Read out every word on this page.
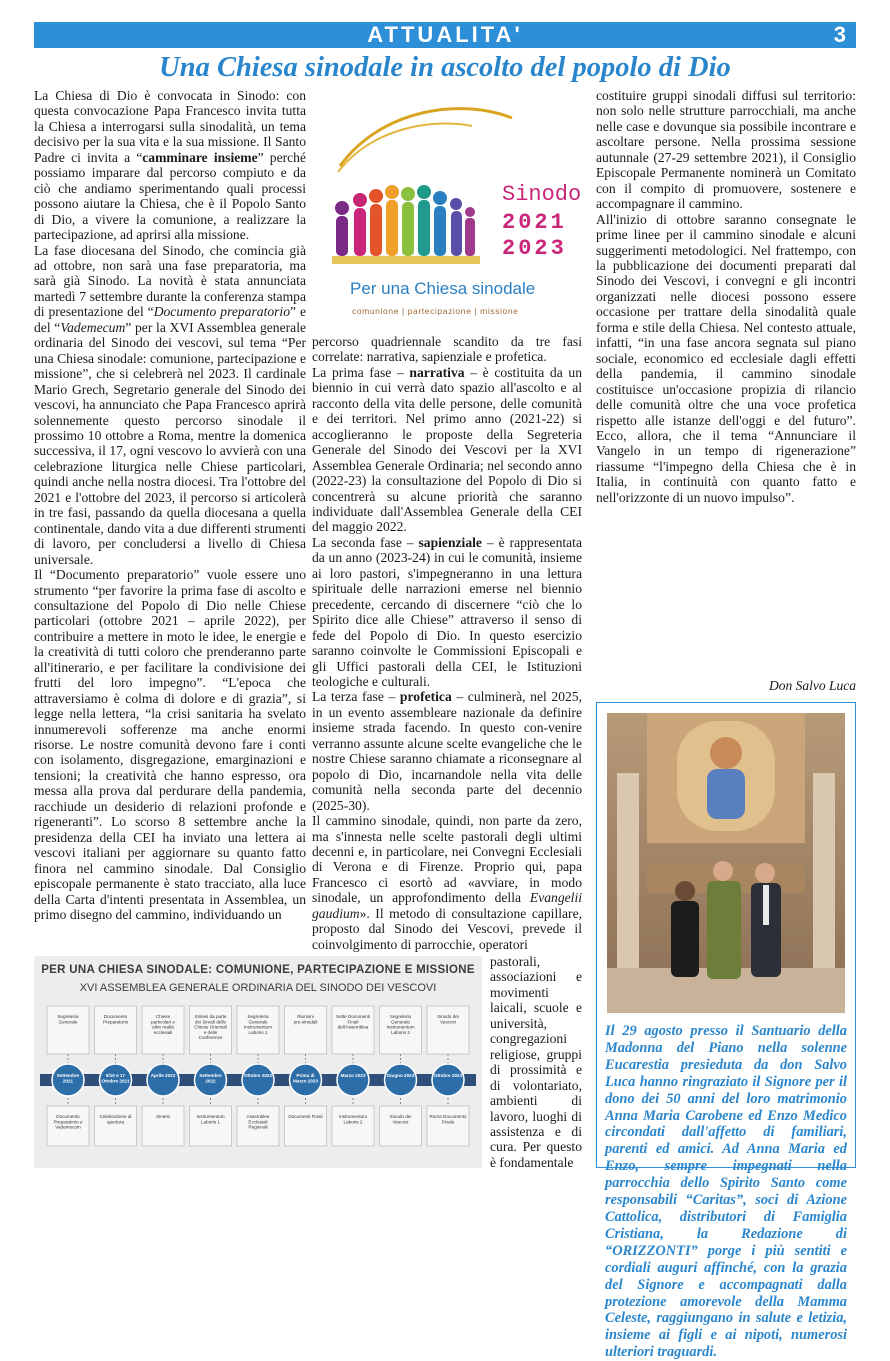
ATTUALITA'	3
Una Chiesa sinodale in ascolto del popolo di Dio

La Chiesa di Dio è convocata in Sinodo: con questa convocazione Papa Francesco invita tutta la Chiesa a interrogarsi sulla sinodalità, un tema decisivo per la sua vita e la sua missione. Il Santo Padre ci invita a “camminare insieme” perché possiamo imparare dal percorso compiuto e da ciò che andiamo sperimentando quali processi possono aiutare la Chiesa, che è il Popolo Santo di Dio, a vivere la comunione, a realizzare la partecipazione, ad aprirsi alla missione.

La fase diocesana del Sinodo, che comincia già ad ottobre, non sarà una fase preparatoria, ma sarà già Sinodo. La novità è stata annunciata martedì 7 settembre durante la conferenza stampa di presentazione del “Documento preparatorio” e del “Vademecum” per la XVI Assemblea generale ordinaria del Sinodo dei vescovi, sul tema “Per una Chiesa sinodale: comunione, partecipazione e missione”, che si celebrerà nel 2023. Il cardinale Mario Grech, Segretario generale del Sinodo dei vescovi, ha annunciato che Papa Francesco aprirà solennemente questo percorso sinodale il prossimo 10 ottobre a Roma, mentre la domenica successiva, il 17, ogni vescovo lo avvierà con una celebrazione liturgica nelle Chiese particolari, quindi anche nella nostra diocesi. Tra l'ottobre del 2021 e l'ottobre del 2023, il percorso si articolerà in tre fasi, passando da quella diocesana a quella continentale, dando vita a due differenti strumenti di lavoro, per concludersi a livello di Chiesa universale.

Il “Documento preparatorio” vuole essere uno strumento “per favorire la prima fase di ascolto e consultazione del Popolo di Dio nelle Chiese particolari (ottobre 2021 – aprile 2022), per contribuire a mettere in moto le idee, le energie e la creatività di tutti coloro che prenderanno parte all'itinerario, e per facilitare la condivisione dei frutti del loro impegno”. “L'epoca che attraversiamo è colma di dolore e di grazia”, si legge nella lettera, “la crisi sanitaria ha svelato innumerevoli sofferenze ma anche enormi risorse. Le nostre comunità devono fare i conti con isolamento, disgregazione, emarginazioni e tensioni; la creatività che hanno espresso, ora messa alla prova dal perdurare della pandemia, racchiude un desiderio di relazioni profonde e rigeneranti”. Lo scorso 8 settembre anche la presidenza della CEI ha inviato una lettera ai vescovi italiani per aggiornare su quanto fatto finora nel cammino sinodale. Dal Consiglio episcopale permanente è stato tracciato, alla luce della Carta d'intenti presentata in Assemblea, un primo disegno del cammino, individuando un

Sinodo
2021
2023
Per una Chiesa sinodale
comunione | partecipazione | missione

percorso quadriennale scandito da tre fasi correlate: narrativa, sapienziale e profetica.

La prima fase – narrativa – è costituita da un biennio in cui verrà dato spazio all'ascolto e al racconto della vita delle persone, delle comunità e dei territori. Nel primo anno (2021-22) si accoglieranno le proposte della Segreteria Generale del Sinodo dei Vescovi per la XVI Assemblea Generale Ordinaria; nel secondo anno (2022-23) la consultazione del Popolo di Dio si concentrerà su alcune priorità che saranno individuate dall'Assemblea Generale della CEI del maggio 2022.

La seconda fase – sapienziale – è rappresentata da un anno (2023-24) in cui le comunità, insieme ai loro pastori, s'impegneranno in una lettura spirituale delle narrazioni emerse nel biennio precedente, cercando di discernere “ciò che lo Spirito dice alle Chiese” attraverso il senso di fede del Popolo di Dio. In questo esercizio saranno coinvolte le Commissioni Episcopali e gli Uffici pastorali della CEI, le Istituzioni teologiche e culturali.

La terza fase – profetica – culminerà, nel 2025, in un evento assembleare nazionale da definire insieme strada facendo. In questo con-venire verranno assunte alcune scelte evangeliche che le nostre Chiese saranno chiamate a riconsegnare al popolo di Dio, incarnandole nella vita delle comunità nella seconda parte del decennio (2025-30).

Il cammino sinodale, quindi, non parte da zero, ma s'innesta nelle scelte pastorali degli ultimi decenni e, in particolare, nei Convegni Ecclesiali di Verona e di Firenze. Proprio qui, papa Francesco ci esortò ad «avviare, in modo sinodale, un approfondimento della Evangelii gaudium». Il metodo di consultazione capillare, proposto dal Sinodo dei Vescovi, prevede il coinvolgimento di parrocchie, operatori

PER UNA CHIESA SINODALE: COMUNIONE, PARTECIPAZIONE E MISSIONE
XVI ASSEMBLEA GENERALE ORDINARIA DEL SINODO DEI VESCOVI
Segreteria Generale
Settembre 2021
Documento Preparatorio e Vademecum
Documento Preparatorio
9/10 e 17 Ottobre 2021
Celebrazione di apertura
Chiese particolari e altre realtà ecclesiali
Aprile 2022
Sintesi
Sintesi da parte dei Sinodi delle Chiese Orientali e delle Conferenze
Settembre 2022
Instrumentum Laboris 1
Segreteria Generale Instrumentum Laboris 1
Ottobre 2022
Assemblee Ecclesiali Regionali
Riunioni pre-sinodali
Prima di Marzo 2023
Documenti Finali
Sette Documenti Finali dell'Assemblea
Marzo 2023
Instrumentum Laboris 2
Segreteria Generale Instrumentum Laboris 2
Giugno 2023
Sinodo dei Vescovi
Sinodo dei Vescovi
Ottobre 2023
Roma Documento Finale

pastorali, associazioni e movimenti laicali, scuole e università, congregazioni religiose, gruppi di prossimità e di volontariato, ambienti di lavoro, luoghi di assistenza e di cura. Per questo è fondamentale

costituire gruppi sinodali diffusi sul territorio: non solo nelle strutture parrocchiali, ma anche nelle case e dovunque sia possibile incontrare e ascoltare persone. Nella prossima sessione autunnale (27-29 settembre 2021), il Consiglio Episcopale Permanente nominerà un Comitato con il compito di promuovere, sostenere e accompagnare il cammino.

All'inizio di ottobre saranno consegnate le prime linee per il cammino sinodale e alcuni suggerimenti metodologici. Nel frattempo, con la pubblicazione dei documenti preparati dal Sinodo dei Vescovi, i convegni e gli incontri organizzati nelle diocesi possono essere occasione per trattare della sinodalità quale forma e stile della Chiesa. Nel contesto attuale, infatti, “in una fase ancora segnata sul piano sociale, economico ed ecclesiale dagli effetti della pandemia, il cammino sinodale costituisce un'occasione propizia di rilancio delle comunità oltre che una voce profetica rispetto alle istanze dell'oggi e del futuro”. Ecco, allora, che il tema “Annunciare il Vangelo in un tempo di rigenerazione” riassume “l'impegno della Chiesa che è in Italia, in continuità con quanto fatto e nell'orizzonte di un nuovo impulso”.

Don Salvo Luca
Il 29 agosto presso il Santuario della Madonna del Piano nella solenne Eucarestia presieduta da don Salvo Luca hanno ringraziato il Signore per il dono dei 50 anni del loro matrimonio Anna Maria Carobene ed Enzo Medico circondati dall'affetto di familiari, parenti ed amici. Ad Anna Maria ed Enzo, sempre impegnati nella parrocchia dello Spirito Santo come responsabili “Caritas”, soci di Azione Cattolica, distributori di Famiglia Cristiana, la Redazione di “ORIZZONTI” porge i più sentiti e cordiali auguri affinché, con la grazia del Signore e accompagnati dalla protezione amorevole della Mamma Celeste, raggiungano in salute e letizia, insieme ai figli e ai nipoti, numerosi ulteriori traguardi.
